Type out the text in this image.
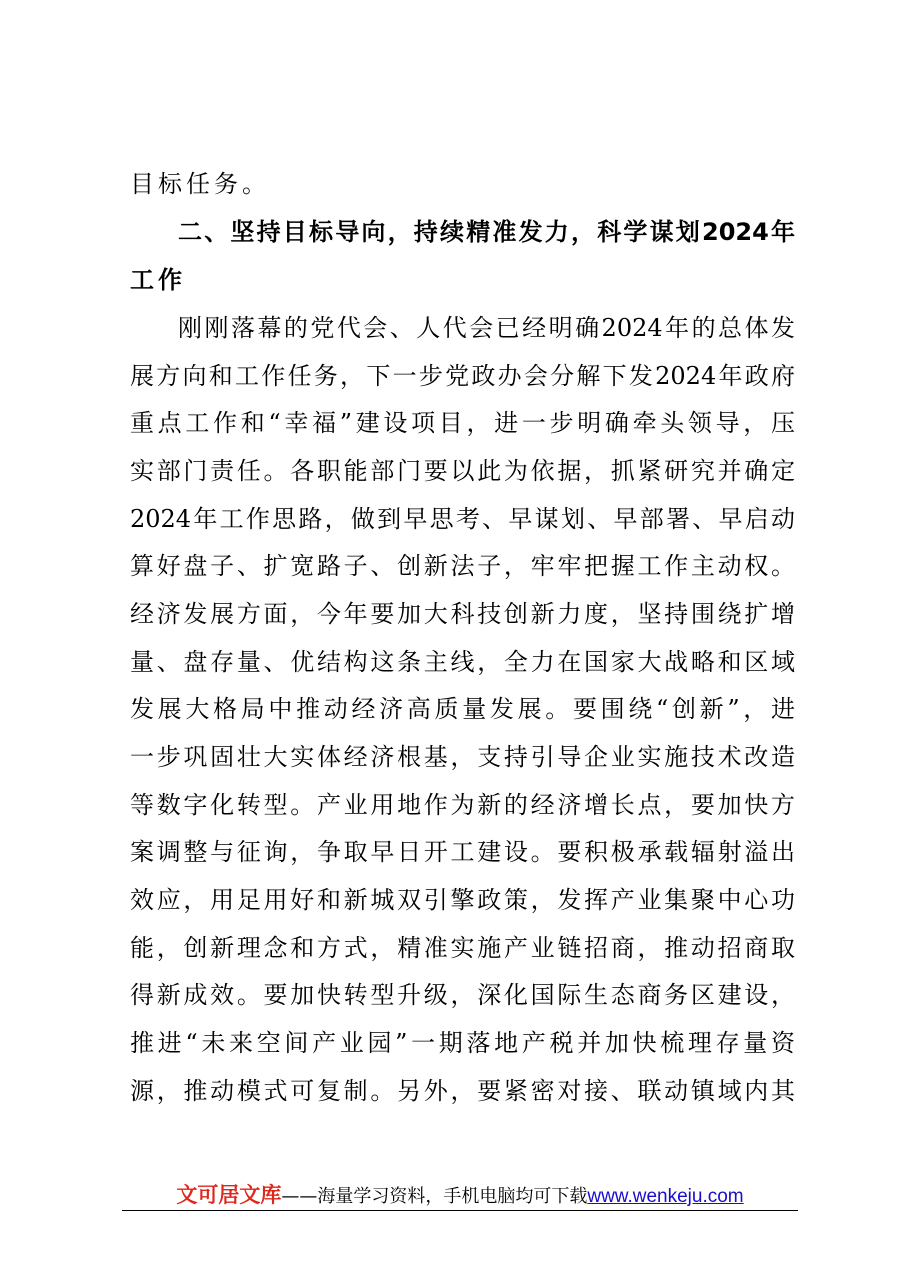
目标任务。
二、坚持目标导向，持续精准发力，科学谋划2024年
工作
刚刚落幕的党代会、人代会已经明确2024年的总体发
展方向和工作任务，下一步党政办会分解下发2024年政府
重点工作和“幸福”建设项目，进一步明确牵头领导，压
实部门责任。各职能部门要以此为依据，抓紧研究并确定
2024年工作思路，做到早思考、早谋划、早部署、早启动
算好盘子、扩宽路子、创新法子，牢牢把握工作主动权。
经济发展方面，今年要加大科技创新力度，坚持围绕扩增
量、盘存量、优结构这条主线，全力在国家大战略和区域
发展大格局中推动经济高质量发展。要围绕“创新”，进
一步巩固壮大实体经济根基，支持引导企业实施技术改造
等数字化转型。产业用地作为新的经济增长点，要加快方
案调整与征询，争取早日开工建设。要积极承载辐射溢出
效应，用足用好和新城双引擎政策，发挥产业集聚中心功
能，创新理念和方式，精准实施产业链招商，推动招商取
得新成效。要加快转型升级，深化国际生态商务区建设，
推进“未来空间产业园”一期落地产税并加快梳理存量资
源，推动模式可复制。另外，要紧密对接、联动镇域内其
文可居文库——海量学习资料，手机电脑均可下载www.wenkeju.com
